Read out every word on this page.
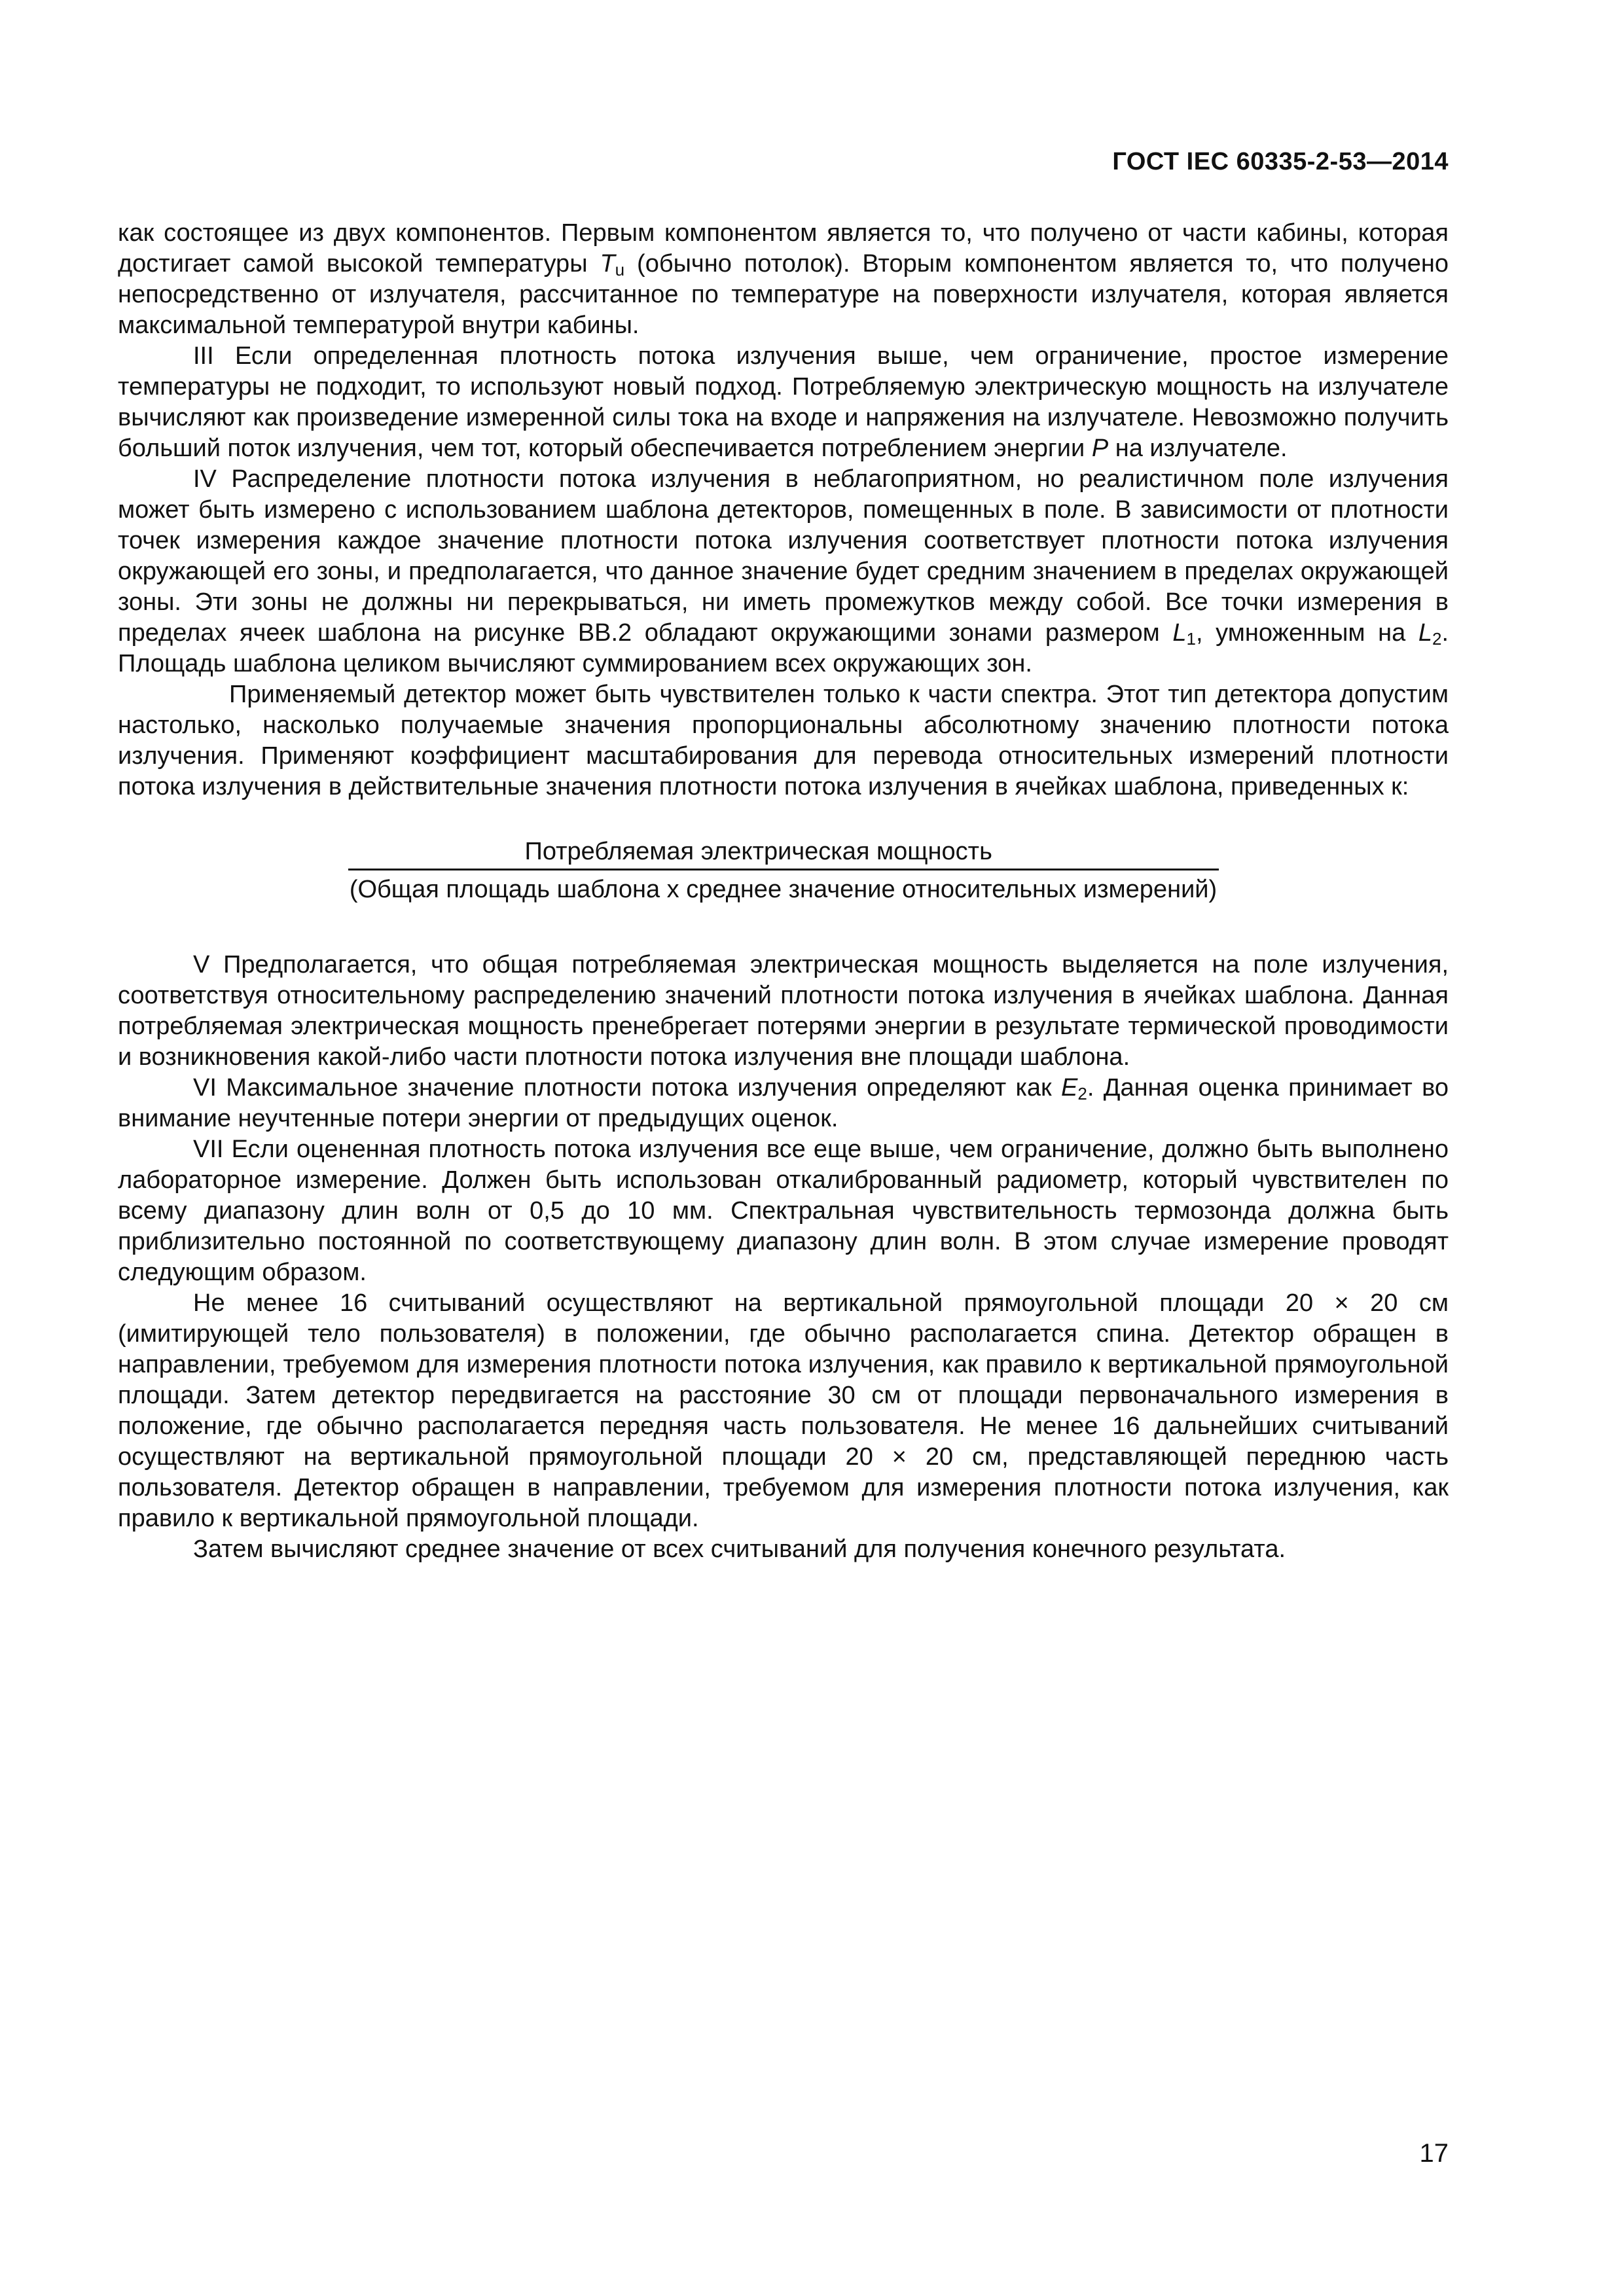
ГОСТ IEC 60335-2-53—2014

как состоящее из двух компонентов. Первым компонентом является то, что получено от части кабины, которая достигает самой высокой температуры $T_u$ (обычно потолок). Вторым компонентом является то, что получено непосредственно от излучателя, рассчитанное по температуре на поверхности излучателя, которая является максимальной температурой внутри кабины.

III Если определенная плотность потока излучения выше, чем ограничение, простое измерение температуры не подходит, то используют новый подход. Потребляемую электрическую мощность на излучателе вычисляют как произведение измеренной силы тока на входе и напряжения на излучателе. Невозможно получить больший поток излучения, чем тот, который обеспечивается потреблением энергии P на излучателе.

IV Распределение плотности потока излучения в неблагоприятном, но реалистичном поле излучения может быть измерено с использованием шаблона детекторов, помещенных в поле. В зависимости от плотности точек измерения каждое значение плотности потока излучения соответствует плотности потока излучения окружающей его зоны, и предполагается, что данное значение будет средним значением в пределах окружающей зоны. Эти зоны не должны ни перекрываться, ни иметь промежутков между собой. Все точки измерения в пределах ячеек шаблона на рисунке ВВ.2 обладают окружающими зонами размером $L_1$, умноженным на $L_2$. Площадь шаблона целиком вычисляют суммированием всех окружающих зон.

Применяемый детектор может быть чувствителен только к части спектра. Этот тип детектора допустим настолько, насколько получаемые значения пропорциональны абсолютному значению плотности потока излучения. Применяют коэффициент масштабирования для перевода относительных измерений плотности потока излучения в действительные значения плотности потока излучения в ячейках шаблона, приведенных к:

Потребляемая электрическая мощность
(Общая площадь шаблона х среднее значение относительных измерений)

V Предполагается, что общая потребляемая электрическая мощность выделяется на поле излучения, соответствуя относительному распределению значений плотности потока излучения в ячейках шаблона. Данная потребляемая электрическая мощность пренебрегает потерями энергии в результате термической проводимости и возникновения какой-либо части плотности потока излучения вне площади шаблона.

VI Максимальное значение плотности потока излучения определяют как $E_2$. Данная оценка принимает во внимание неучтенные потери энергии от предыдущих оценок.

VII Если оцененная плотность потока излучения все еще выше, чем ограничение, должно быть выполнено лабораторное измерение. Должен быть использован откалиброванный радиометр, который чувствителен по всему диапазону длин волн от 0,5 до 10 мм. Спектральная чувствительность термозонда должна быть приблизительно постоянной по соответствующему диапазону длин волн. В этом случае измерение проводят следующим образом.

Не менее 16 считываний осуществляют на вертикальной прямоугольной площади 20 × 20 см (имитирующей тело пользователя) в положении, где обычно располагается спина. Детектор обращен в направлении, требуемом для измерения плотности потока излучения, как правило к вертикальной прямоугольной площади. Затем детектор передвигается на расстояние 30 см от площади первоначального измерения в положение, где обычно располагается передняя часть пользователя. Не менее 16 дальнейших считываний осуществляют на вертикальной прямоугольной площади 20 × 20 см, представляющей переднюю часть пользователя. Детектор обращен в направлении, требуемом для измерения плотности потока излучения, как правило к вертикальной прямоугольной площади.

Затем вычисляют среднее значение от всех считываний для получения конечного результата.

17
